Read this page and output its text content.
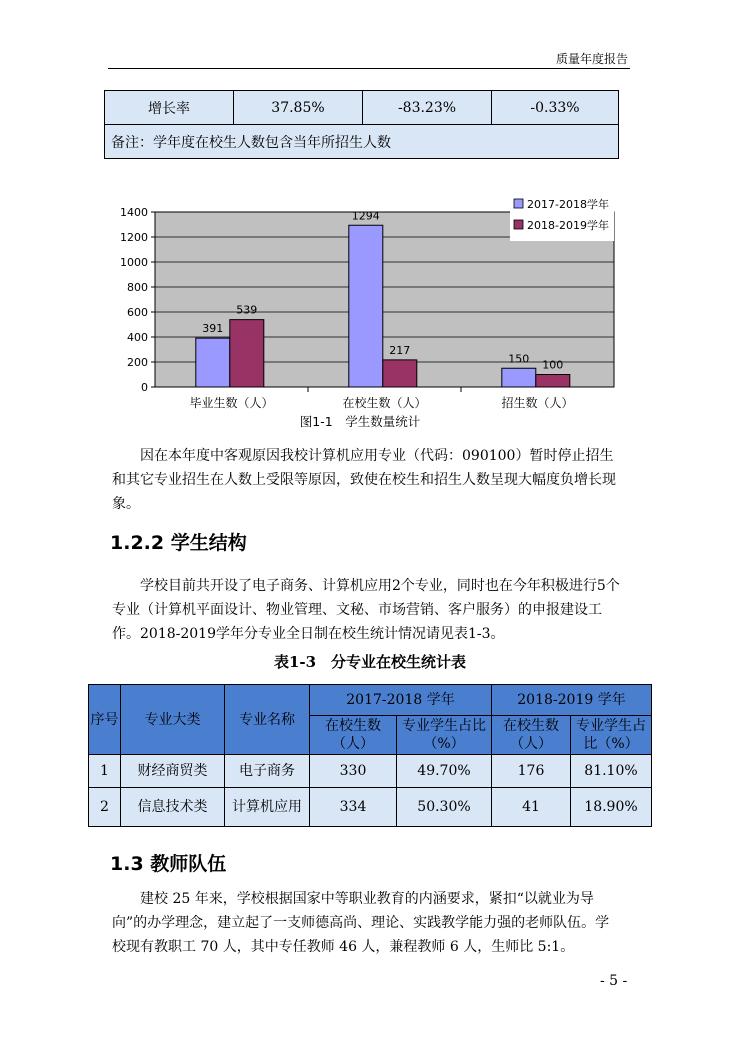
质量年度报告
增长率	37.85%	-83.23%	-0.33%
备注：学年度在校生人数包含当年所招生人数
0
200
400
600
800
1000
1200
1400
391
539
毕业生数（人）
1294
217
在校生数（人）
150 100
招生数（人）
2017-2018学年
2018-2019学年
图1-1　学生数量统计

因在本年度中客观原因我校计算机应用专业（代码：090100）暂时停止招生和其它专业招生在人数上受限等原因，致使在校生和招生人数呈现大幅度负增长现象。

1.2.2 学生结构

学校目前共开设了电子商务、计算机应用2个专业，同时也在今年积极进行5个专业（计算机平面设计、物业管理、文秘、市场营销、客户服务）的申报建设工作。2018-2019学年分专业全日制在校生统计情况请见表1-3。

表1-3　分专业在校生统计表
序号	专业大类	专业名称	2017-2018 学年		2018-2019 学年	
			在校生数（人）	专业学生占比（%）	在校生数（人）	专业学生占比（%）
1	财经商贸类	电子商务	330	49.70%	176	81.10%
2	信息技术类	计算机应用	334	50.30%	41	18.90%
1.3 教师队伍

建校 25 年来，学校根据国家中等职业教育的内涵要求，紧扣“以就业为导向”的办学理念，建立起了一支师德高尚、理论、实践教学能力强的老师队伍。学校现有教职工 70 人，其中专任教师 46 人，兼程教师 6 人，生师比 5:1。

- 5 -
